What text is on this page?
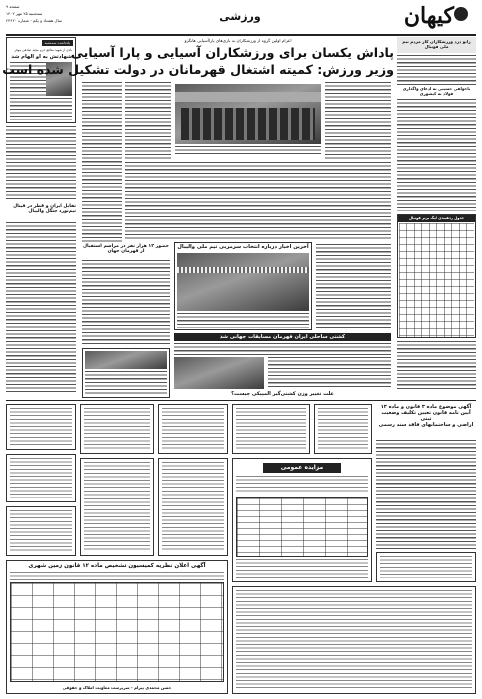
کیهان
ورزشی
صفحه ۹
سه‌شنبه ۲۵ مهر ۱۴۰۲
سال هشتاد و یکم - شماره ۲۳۶۲۰
یادداشت سه‌شنبه
بادی از شهید مدافع حرم مجید صادقی موقر
شهادتش به او الهام شد
تقابل ایران و قطر در فینال تیم‌نورد جنگل والیبال
اعزام اولین گروه از ورزشکاران به بازی‌های پاراآسیایی هانگژو
پاداش یکسان برای ورزشکاران آسیایی و پارا آسیایی
وزیر ورزش: کمیته اشتغال قهرمانان در دولت تشکیل شده است
حضور ۱۲ هزار نفر در مراسم استقبال از قهرمان جهان
آخرین اخبار درباره انتخاب سرمربی تیم ملی والیبال
کشتی ساحلی ایران قهرمان مسابقات جهانی شد
علت تغییر وزن کشتی‌گیر المپیکی چیست؟
زانو درد ورزشکاران کار مردم تیم ملی فوتبال
ناخواهی حسینی به ادعای واگذاری فولاد به کیشوری
جدول ردهبندی لیگ برتر فوتبال
مزایده عمومی
آگهی موضوع ماده ۳ قانون و ماده ۱۳ آیین نامه قانون تعیین تکلیف وضعیت ثبتی
اراضی و ساختمانهای فاقد سند رسمی
آگهی اعلان نظریه کمیسیون تشخیص ماده ۱۲ قانون زمین شهری
حسن محمدی پیرام - سرپرست معاونت املاک و حقوقی
